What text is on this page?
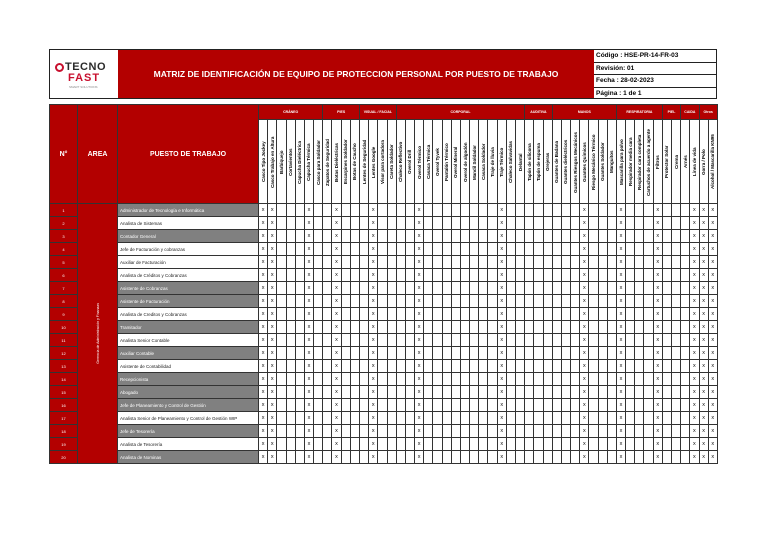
TECNO
FAST
SMART SOLUTIONS
MATRIZ DE IDENTIFICACIÓN DE EQUIPO DE PROTECCION PERSONAL POR PUESTO DE TRABAJO
Código : HSE-PR-14-FR-03
Revisión: 01
Fecha : 28-02-2023
Página : 1 de 1
N°	AREA	PUESTO DE TRABAJO	CRÁNEO							PIES				VISUAL / FACIAL				CORPORAL														AUDITIVA			MANOS							RESPIRATORIA					PIEL		CAIDA		Otros	

			Casco Tipo Jockey	Casco Trabajo en Altura	Barbiquejo	Cortavientos	Capucha Dieléctrica	Capucha Térmica	Casco para Soldador	Zapatos de Seguridad	Botas Dieléctricas	Escarpines Soldador	Botas de Caucho	Lentes de Seguridad	Lentes Google	Visor para cortadora	Careta Soldador	Chaleco Reflectivo	Overol Drill	Overol Térmico	Casaca Térmica	Overol Tyvek	Pantalón Térmico	Overol Mineral	Overol de algodón	Mandil Soldador	Casaca Soldador	Traje de lluvia	Traje Térmico	Chaleco Salvavidas	Delantal	Tapón de silicona	Tapón de espuma	Orejeras	Guantes de Badana	Guantes dieléctricos	Guantes Riesgos Mecánicos	Guantes Químicos	Riesgo Mecánico Térmico	Guantes Soldador	Manguitos	Mascarilla para polvo	Respirador media cara	Respirador cara completa	Cartuchos de acuerdo a agente	Filtros	Protector Solar	Crema	Arnés	Línea de vida	Gorra / Polo	Alcohol / Mascarilla KN95

1	Gerencia de Administración y Finanzas	Administrador de Tecnología e Informática	x	x				x			x				x					x									x									x				x				x				x	x	x
2		Analista de Sistemas	x	x				x			x				x					x									x									x				x				x				x	x	x
3		Contador General	x	x				x			x				x					x									x									x				x				x				x	x	x
4		Jefe de Facturación y cobranzas	x	x				x			x				x					x									x									x				x				x				x	x	x
5		Auxiliar de Facturación	x	x				x			x				x					x									x									x				x				x				x	x	x
6		Analista de Créditos y Cobranzas	x	x				x			x				x					x									x									x				x				x				x	x	x
7		Asistente de Cobranzas	x	x				x			x				x					x									x									x				x				x				x	x	x
8		Asistente de Facturación	x	x				x			x				x					x									x									x				x				x				x	x	x
9		Analista de Creditos y Cobranzas	x	x				x			x				x					x									x									x				x				x				x	x	x
10		Tramitador	x	x				x			x				x					x									x									x				x				x				x	x	x
11		Analista Senior Contable	x	x				x			x				x					x									x									x				x				x				x	x	x
12		Auxiliar Contable	x	x				x			x				x					x									x									x				x				x				x	x	x
13		Asistente de Contabilidad	x	x				x			x				x					x									x									x				x				x				x	x	x
14		Recepcionista	x	x				x			x				x					x									x									x				x				x				x	x	x
15		Abogado	x	x				x			x				x					x									x									x				x				x				x	x	x
16		Jefe de Planeamiento y Control de Gestión	x	x				x			x				x					x									x									x				x				x				x	x	x
17		Analista Senior de Planeamiento y Control de Gestión WIP	x	x				x			x				x					x									x									x				x				x				x	x	x
18		Jefe de Tesorería	x	x				x			x				x					x									x									x				x				x				x	x	x
19		Analista de Tesorería	x	x				x			x				x					x									x									x				x				x				x	x	x
20		Analista de Nominas	x	x				x			x				x					x									x									x				x				x				x	x	x
